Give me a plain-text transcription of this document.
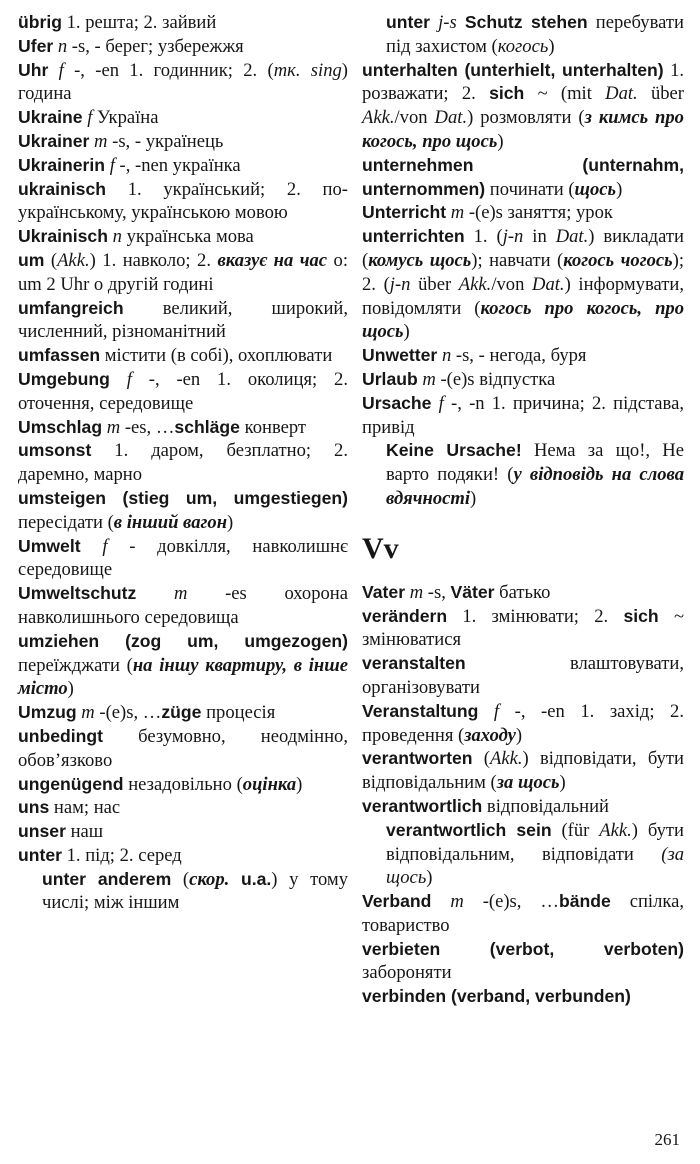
übrig 1. решта; 2. зайвий
Ufer n -s, - берег; узбережжя
Uhr f -, -en 1. годинник; 2. (тк. sing) година
Ukraine f Україна
Ukrainer m -s, - українець
Ukrainerin f -, -nen українка
ukrainisch 1. український; 2. по-українському, українською мовою
Ukrainisch n українська мова
um (Akk.) 1. навколо; 2. вказує на час о: um 2 Uhr о другій годині
umfangreich великий, широкий, численний, різноманітний
umfassen містити (в собі), охоплювати
Umgebung f -, -en 1. околиця; 2. оточення, середовище
Umschlag m -es, …schläge конверт
umsonst 1. даром, безплатно; 2. даремно, марно
umsteigen (stieg um, umgestiegen) пересідати (в інший вагон)
Umwelt f - довкілля, навколишнє середовище
Umweltschutz m -es охорона навколишнього середовища
umziehen (zog um, umgezogen) переїжджати (на іншу квартиру, в інше місто)
Umzug m -(e)s, …züge процесія
unbedingt безумовно, неодмінно, обов’язково
ungenügend незадовільно (оцінка)
uns нам; нас
unser наш
unter 1. під; 2. серед
unter anderem (скор. u.a.) у тому числі; між іншим
unter j-s Schutz stehen перебувати під захистом (когось)
unterhalten (unterhielt, unterhalten) 1. розважати; 2. sich ~ (mit Dat. über Akk./von Dat.) розмовляти (з кимсь про когось, про щось)
unternehmen (unternahm, unternommen) починати (щось)
Unterricht m -(e)s заняття; урок
unterrichten 1. (j-n in Dat.) викладати (комусь щось); навчати (когось чогось); 2. (j-n über Akk./von Dat.) інформувати, повідомляти (когось про когось, про щось)
Unwetter n -s, - негода, буря
Urlaub m -(e)s відпустка
Ursache f -, -n 1. причина; 2. підстава, привід
Keine Ursache! Нема за що!, Не варто подяки! (у відповідь на слова вдячності)
Vv
Vater m -s, Väter батько
verändern 1. змінювати; 2. sich ~ змінюватися
veranstalten влаштовувати, організовувати
Veranstaltung f -, -en 1. захід; 2. проведення (заходу)
verantworten (Akk.) відповідати, бути відповідальним (за щось)
verantwortlich відповідальний
verantwortlich sein (für Akk.) бути відповідальним, відповідати (за щось)
Verband m -(e)s, …bände спілка, товариство
verbieten (verbot, verboten) забороняти
verbinden (verband, verbunden)
261
